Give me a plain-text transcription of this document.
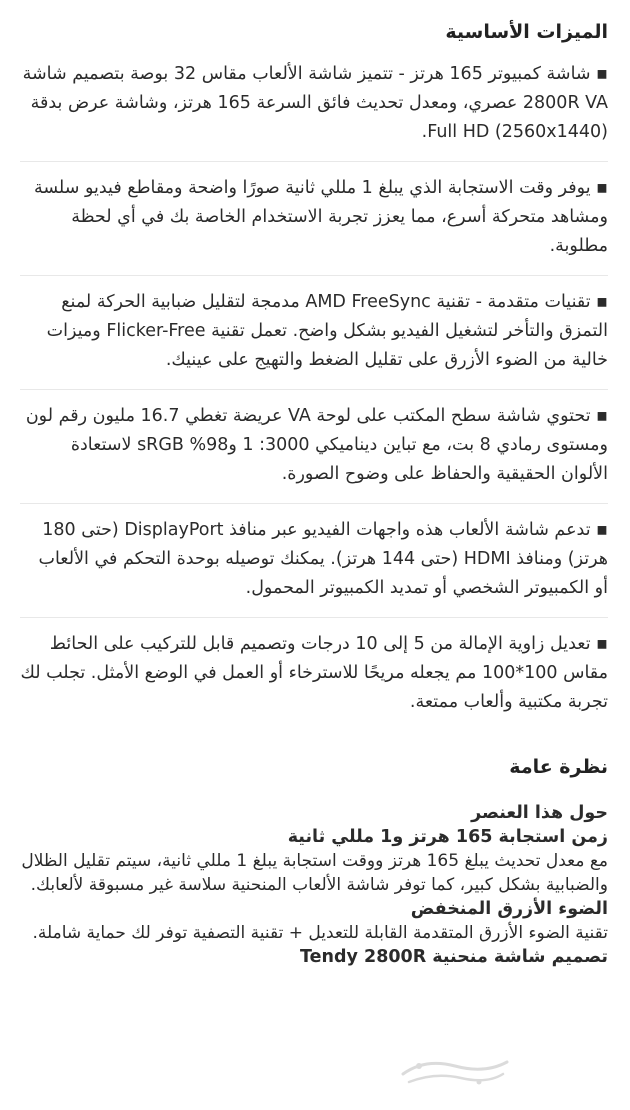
الميزات الأساسية
▪ شاشة كمبيوتر 165 هرتز - تتميز شاشة الألعاب مقاس 32 بوصة بتصميم شاشة 2800R VA عصري، ومعدل تحديث فائق السرعة 165 هرتز، وشاشة عرض بدقة (2560x1440) Full HD.
▪ يوفر وقت الاستجابة الذي يبلغ 1 مللي ثانية صورًا واضحة ومقاطع فيديو سلسة ومشاهد متحركة أسرع، مما يعزز تجربة الاستخدام الخاصة بك في أي لحظة مطلوبة.
▪ تقنيات متقدمة - تقنية AMD FreeSync مدمجة لتقليل ضبابية الحركة لمنع التمزق والتأخر لتشغيل الفيديو بشكل واضح. تعمل تقنية Flicker-Free وميزات خالية من الضوء الأزرق على تقليل الضغط والتهيج على عينيك.
▪ تحتوي شاشة سطح المكتب على لوحة VA عريضة تغطي 16.7 مليون رقم لون ومستوى رمادي 8 بت، مع تباين ديناميكي 3000: 1 و98% sRGB لاستعادة الألوان الحقيقية والحفاظ على وضوح الصورة.
▪ تدعم شاشة الألعاب هذه واجهات الفيديو عبر منافذ DisplayPort (حتى 180 هرتز) ومنافذ HDMI (حتى 144 هرتز). يمكنك توصيله بوحدة التحكم في الألعاب أو الكمبيوتر الشخصي أو تمديد الكمبيوتر المحمول.
▪ تعديل زاوية الإمالة من 5 إلى 10 درجات وتصميم قابل للتركيب على الحائط مقاس 100*100 مم يجعله مريحًا للاسترخاء أو العمل في الوضع الأمثل. تجلب لك تجربة مكتبية وألعاب ممتعة.
نظرة عامة

حول هذا العنصر

زمن استجابة 165 هرتز و1 مللي ثانية

مع معدل تحديث يبلغ 165 هرتز ووقت استجابة يبلغ 1 مللي ثانية، سيتم تقليل الظلال والضبابية بشكل كبير، كما توفر شاشة الألعاب المنحنية سلاسة غير مسبوقة لألعابك.

الضوء الأزرق المنخفض

تقنية الضوء الأزرق المتقدمة القابلة للتعديل + تقنية التصفية توفر لك حماية شاملة.

تصميم شاشة منحنية Tendy 2800R
